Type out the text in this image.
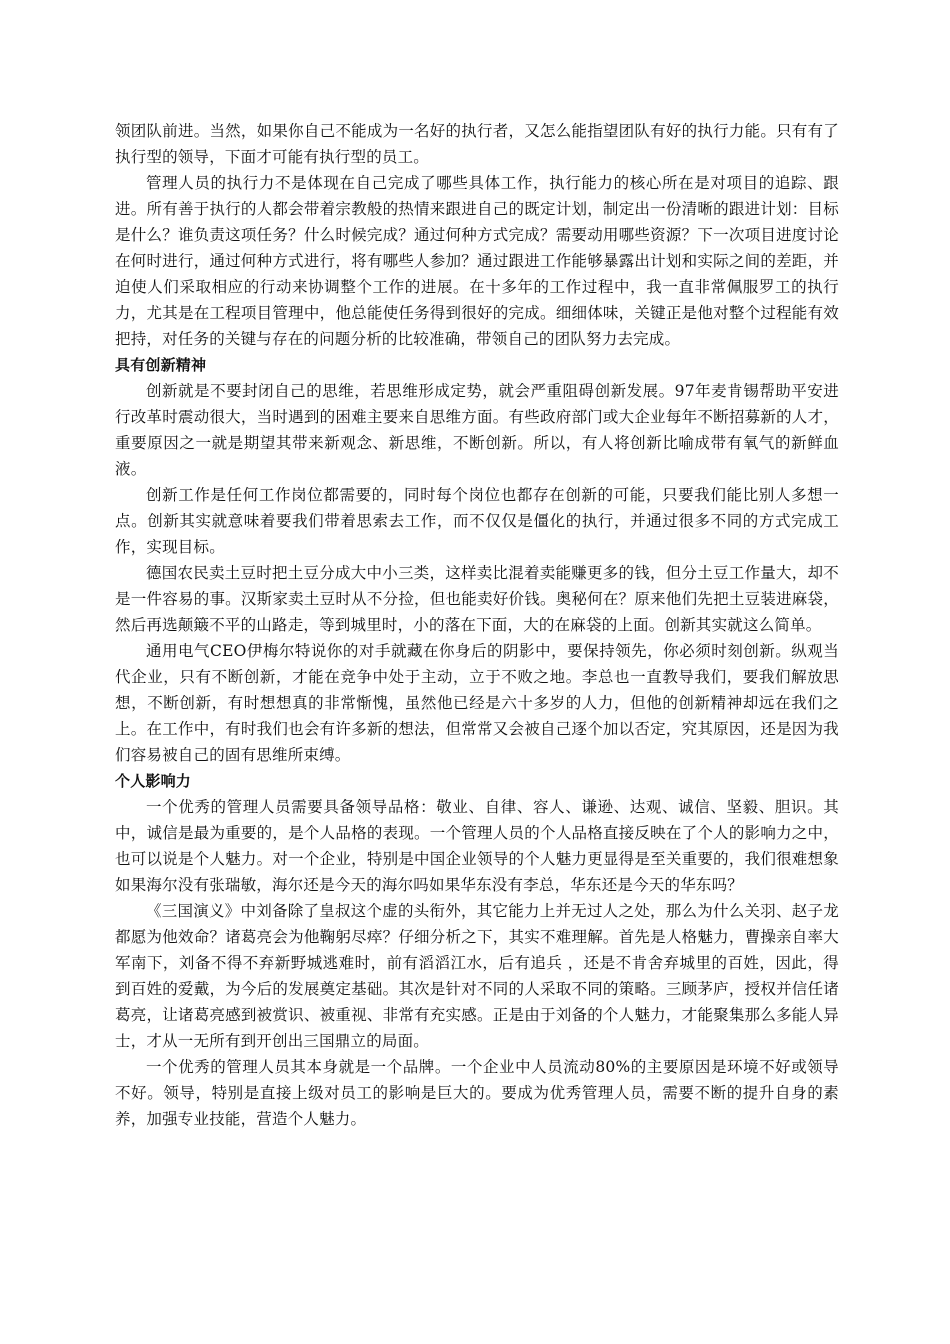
领团队前进。当然，如果你自己不能成为一名好的执行者，又怎么能指望团队有好的执行力能。只有有了执行型的领导，下面才可能有执行型的员工。

管理人员的执行力不是体现在自己完成了哪些具体工作，执行能力的核心所在是对项目的追踪、跟进。所有善于执行的人都会带着宗教般的热情来跟进自己的既定计划，制定出一份清晰的跟进计划：目标是什么？谁负责这项任务？什么时候完成？通过何种方式完成？需要动用哪些资源？下一次项目进度讨论在何时进行，通过何种方式进行，将有哪些人参加？通过跟进工作能够暴露出计划和实际之间的差距，并迫使人们采取相应的行动来协调整个工作的进展。在十多年的工作过程中，我一直非常佩服罗工的执行力，尤其是在工程项目管理中，他总能使任务得到很好的完成。细细体味，关键正是他对整个过程能有效把持，对任务的关键与存在的问题分析的比较准确，带领自己的团队努力去完成。

具有创新精神

创新就是不要封闭自己的思维，若思维形成定势，就会严重阻碍创新发展。97年麦肯锡帮助平安进行改革时震动很大，当时遇到的困难主要来自思维方面。有些政府部门或大企业每年不断招募新的人才，重要原因之一就是期望其带来新观念、新思维，不断创新。所以，有人将创新比喻成带有氧气的新鲜血液。

创新工作是任何工作岗位都需要的，同时每个岗位也都存在创新的可能，只要我们能比别人多想一点。创新其实就意味着要我们带着思索去工作，而不仅仅是僵化的执行，并通过很多不同的方式完成工作，实现目标。

德国农民卖土豆时把土豆分成大中小三类，这样卖比混着卖能赚更多的钱，但分土豆工作量大，却不是一件容易的事。汉斯家卖土豆时从不分捡，但也能卖好价钱。奥秘何在？原来他们先把土豆装进麻袋，然后再选颠簸不平的山路走，等到城里时，小的落在下面，大的在麻袋的上面。创新其实就这么简单。

通用电气CEO伊梅尔特说你的对手就藏在你身后的阴影中，要保持领先，你必须时刻创新。纵观当代企业，只有不断创新，才能在竞争中处于主动，立于不败之地。李总也一直教导我们，要我们解放思想，不断创新，有时想想真的非常惭愧，虽然他已经是六十多岁的人力，但他的创新精神却远在我们之上。在工作中，有时我们也会有许多新的想法，但常常又会被自己逐个加以否定，究其原因，还是因为我们容易被自己的固有思维所束缚。

个人影响力

一个优秀的管理人员需要具备领导品格：敬业、自律、容人、谦逊、达观、诚信、坚毅、胆识。其中，诚信是最为重要的，是个人品格的表现。一个管理人员的个人品格直接反映在了个人的影响力之中，也可以说是个人魅力。对一个企业，特别是中国企业领导的个人魅力更显得是至关重要的，我们很难想象如果海尔没有张瑞敏，海尔还是今天的海尔吗如果华东没有李总，华东还是今天的华东吗？

《三国演义》中刘备除了皇叔这个虚的头衔外，其它能力上并无过人之处，那么为什么关羽、赵子龙都愿为他效命？诸葛亮会为他鞠躬尽瘁？仔细分析之下，其实不难理解。首先是人格魅力，曹操亲自率大军南下，刘备不得不弃新野城逃难时，前有滔滔江水，后有追兵 ，还是不肯舍弃城里的百姓，因此，得到百姓的爱戴，为今后的发展奠定基础。其次是针对不同的人采取不同的策略。三顾茅庐，授权并信任诸葛亮，让诸葛亮感到被赏识、被重视、非常有充实感。正是由于刘备的个人魅力，才能聚集那么多能人异士，才从一无所有到开创出三国鼎立的局面。

一个优秀的管理人员其本身就是一个品牌。一个企业中人员流动80%的主要原因是环境不好或领导不好。领导，特别是直接上级对员工的影响是巨大的。要成为优秀管理人员，需要不断的提升自身的素养，加强专业技能，营造个人魅力。
